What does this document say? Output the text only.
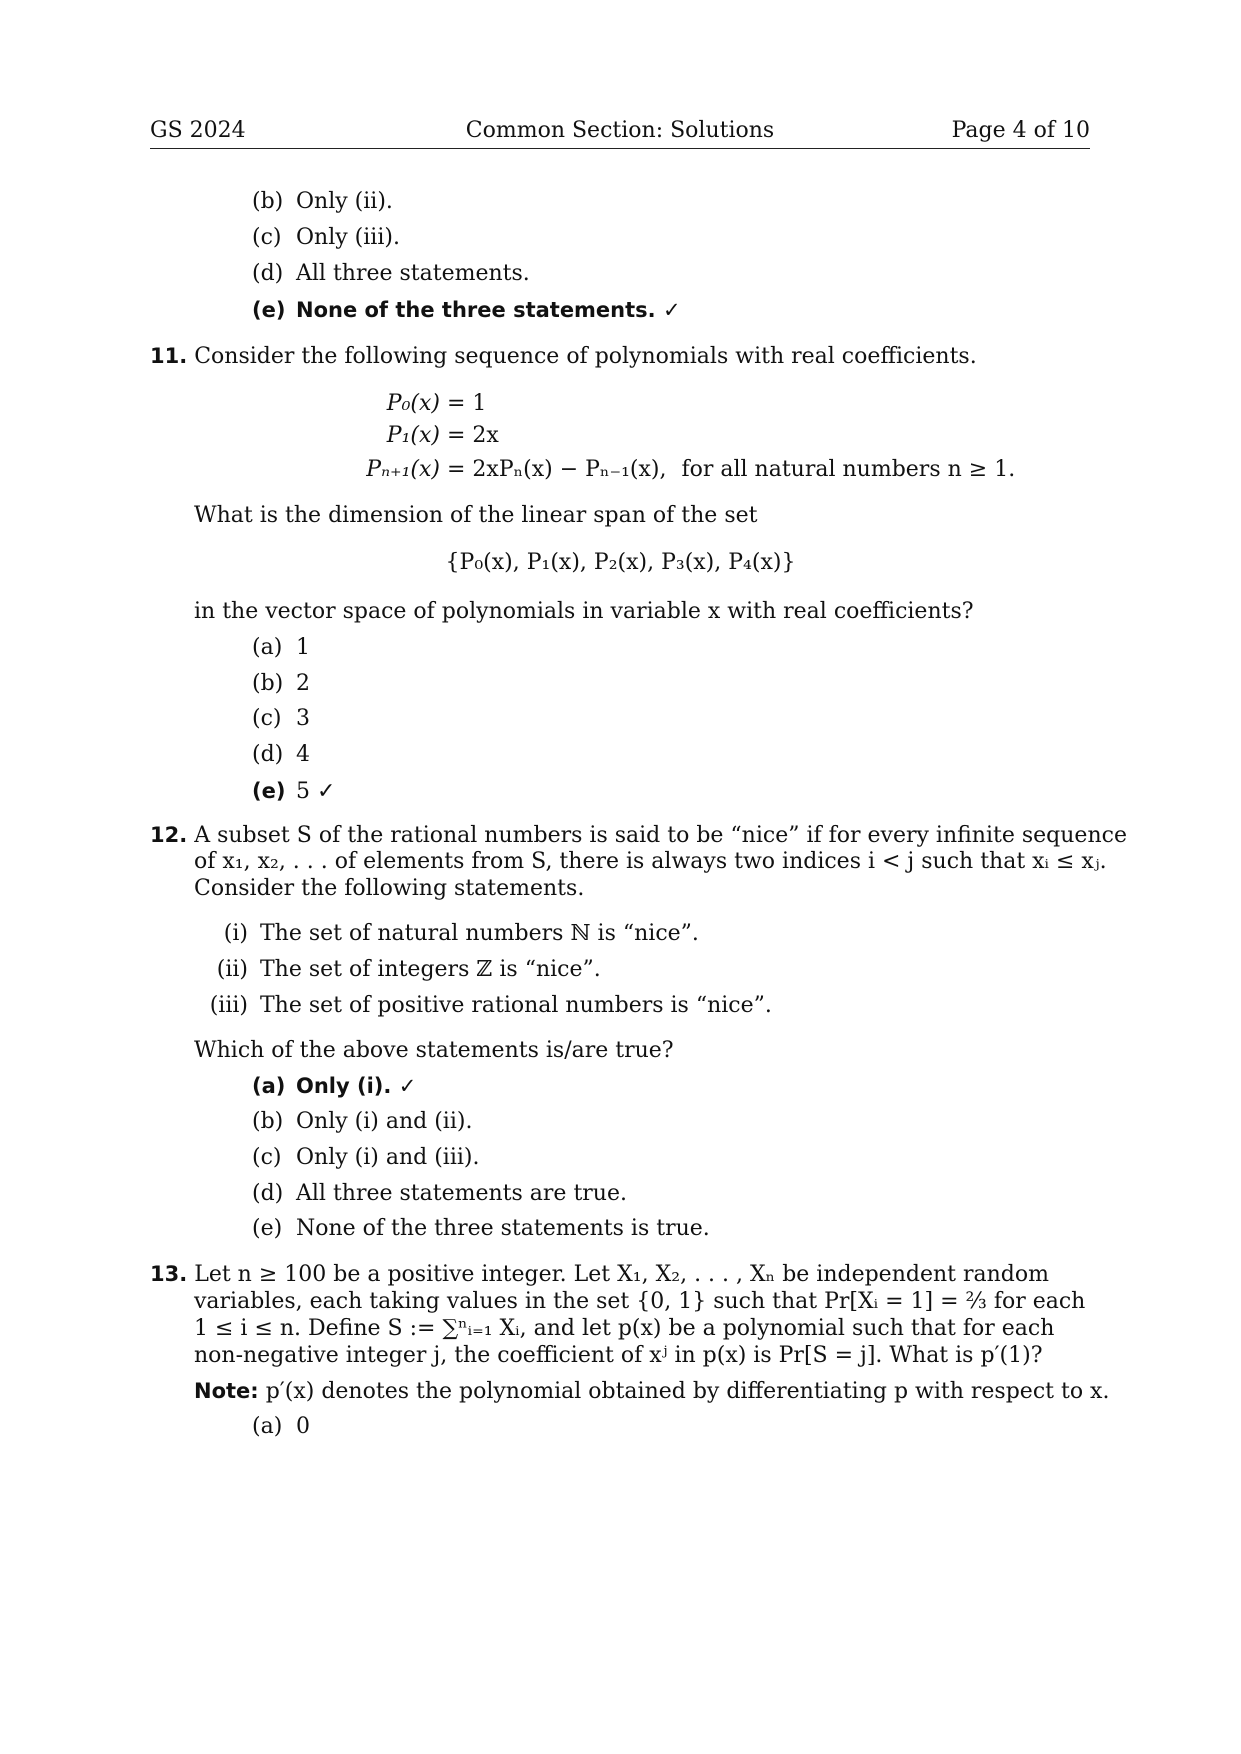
GS 2024	Common Section: Solutions	Page 4 of 10
(b) Only (ii).
(c) Only (iii).
(d) All three statements.
(e) None of the three statements. ✓
11. Consider the following sequence of polynomials with real coefficients.
P₀(x) = 1
P₁(x) = 2x
Pₙ₊₁(x) = 2xPₙ(x) − Pₙ₋₁(x), for all natural numbers n ≥ 1.
What is the dimension of the linear span of the set
{P₀(x), P₁(x), P₂(x), P₃(x), P₄(x)}
in the vector space of polynomials in variable x with real coefficients?
(a) 1
(b) 2
(c) 3
(d) 4
(e) 5 ✓
12. A subset S of the rational numbers is said to be “nice” if for every infinite sequence
of x₁, x₂, . . . of elements from S, there is always two indices i < j such that xᵢ ≤ xⱼ.
Consider the following statements.
(i) The set of natural numbers ℕ is “nice”.
(ii) The set of integers ℤ is “nice”.
(iii) The set of positive rational numbers is “nice”.
Which of the above statements is/are true?
(a) Only (i). ✓
(b) Only (i) and (ii).
(c) Only (i) and (iii).
(d) All three statements are true.
(e) None of the three statements is true.
13. Let n ≥ 100 be a positive integer. Let X₁, X₂, . . . , Xₙ be independent random
variables, each taking values in the set {0, 1} such that Pr[Xᵢ = 1] = ⅔ for each
1 ≤ i ≤ n. Define S := ∑ⁿᵢ₌₁ Xᵢ, and let p(x) be a polynomial such that for each
non-negative integer j, the coefficient of xʲ in p(x) is Pr[S = j]. What is p′(1)?
Note: p′(x) denotes the polynomial obtained by differentiating p with respect to x.
(a) 0
